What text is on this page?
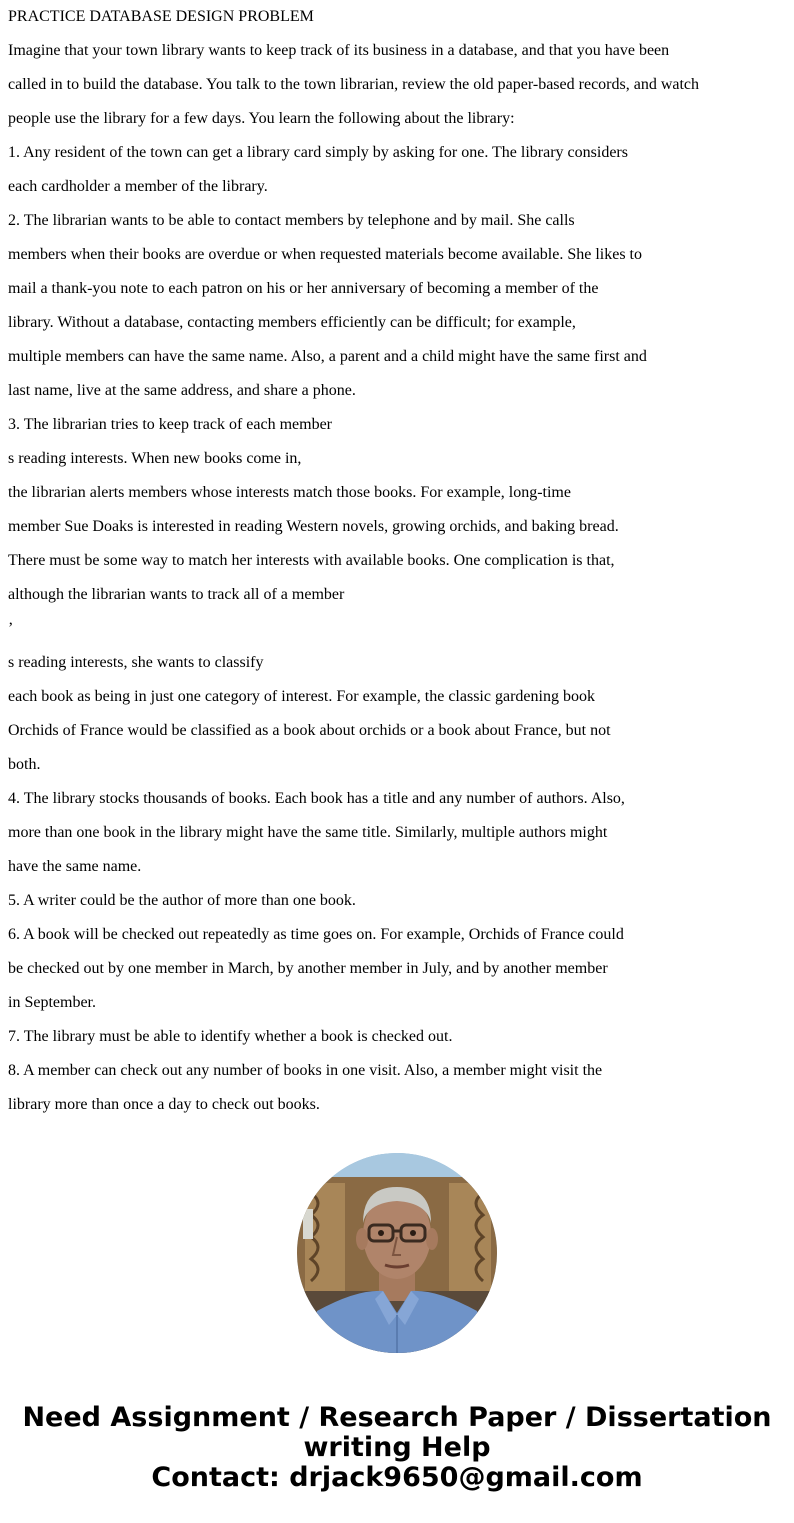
PRACTICE DATABASE DESIGN PROBLEM
Imagine that your town library wants to keep track of its business in a database, and that you have been
called in to build the database. You talk to the town librarian, review the old paper-based records, and watch
people use the library for a few days. You learn the following about the library:
1. Any resident of the town can get a library card simply by asking for one. The library considers
each cardholder a member of the library.
2. The librarian wants to be able to contact members by telephone and by mail. She calls
members when their books are overdue or when requested materials become available. She likes to
mail a thank-you note to each patron on his or her anniversary of becoming a member of the
library. Without a database, contacting members efficiently can be difficult; for example,
multiple members can have the same name. Also, a parent and a child might have the same first and
last name, live at the same address, and share a phone.
3. The librarian tries to keep track of each member
s reading interests. When new books come in,
the librarian alerts members whose interests match those books. For example, long-time
member Sue Doaks is interested in reading Western novels, growing orchids, and baking bread.
There must be some way to match her interests with available books. One complication is that,
although the librarian wants to track all of a member
’
s reading interests, she wants to classify
each book as being in just one category of interest. For example, the classic gardening book
Orchids of France would be classified as a book about orchids or a book about France, but not
both.
4. The library stocks thousands of books. Each book has a title and any number of authors. Also,
more than one book in the library might have the same title. Similarly, multiple authors might
have the same name.
5. A writer could be the author of more than one book.
6. A book will be checked out repeatedly as time goes on. For example, Orchids of France could
be checked out by one member in March, by another member in July, and by another member
in September.
7. The library must be able to identify whether a book is checked out.
8. A member can check out any number of books in one visit. Also, a member might visit the
library more than once a day to check out books.
Need Assignment / Research Paper / Dissertation
writing Help
Contact: drjack9650@gmail.com
